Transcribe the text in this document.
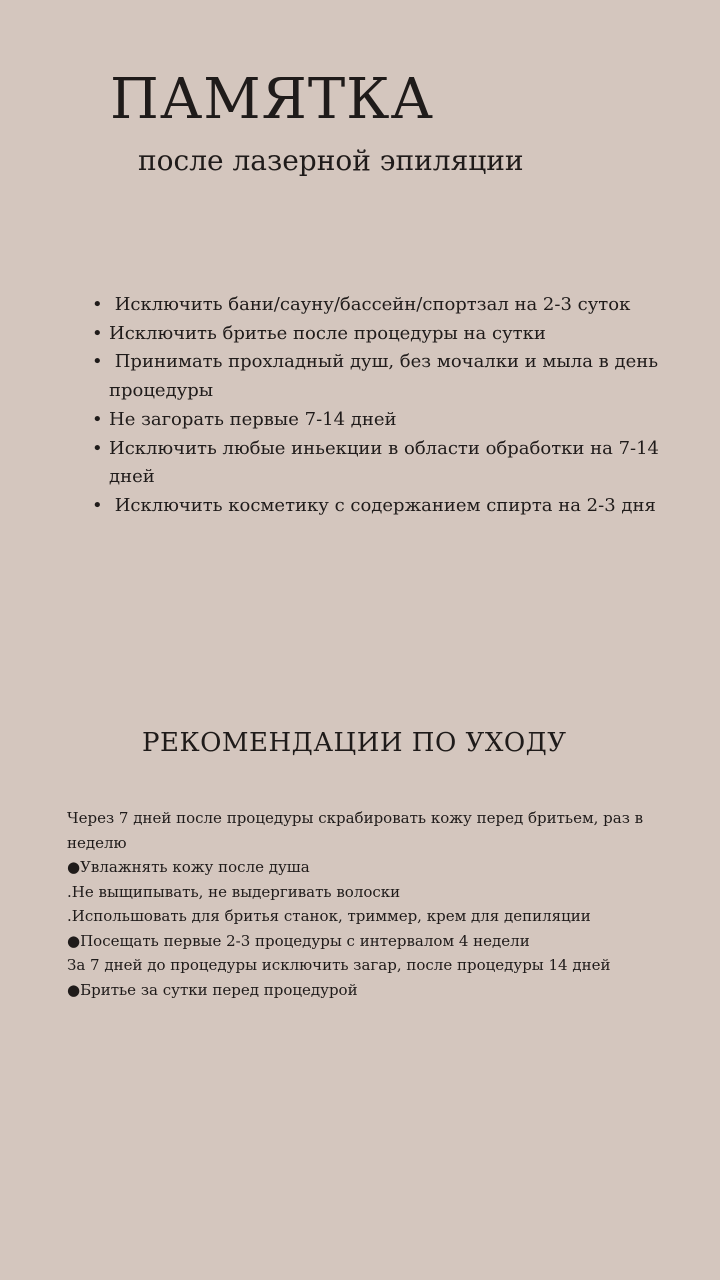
ПАМЯТКА
после лазерной эпиляции
• Исключить бани/сауну/бассейн/спортзал на 2-3 суток
• Исключить бритье после процедуры на сутки
• Принимать прохладный душ, без мочалки и мыла в день процедуры
• Не загорать первые 7-14 дней
• Исключить любые иньекции в области обработки на 7-14 дней
• Исключить косметику с содержанием спирта на 2-3 дня
РЕКОМЕНДАЦИИ ПО УХОДУ
Через 7 дней после процедуры скрабировать кожу перед бритьем, раз в неделю
●Увлажнять кожу после душа
.Не выщипывать, не выдергивать волоски
.Испольшовать для бритья станок, триммер, крем для депиляции
●Посещать первые 2-3 процедуры с интервалом 4 недели
За 7 дней до процедуры исключить загар, после процедуры 14 дней
●Бритье за сутки перед процедурой
